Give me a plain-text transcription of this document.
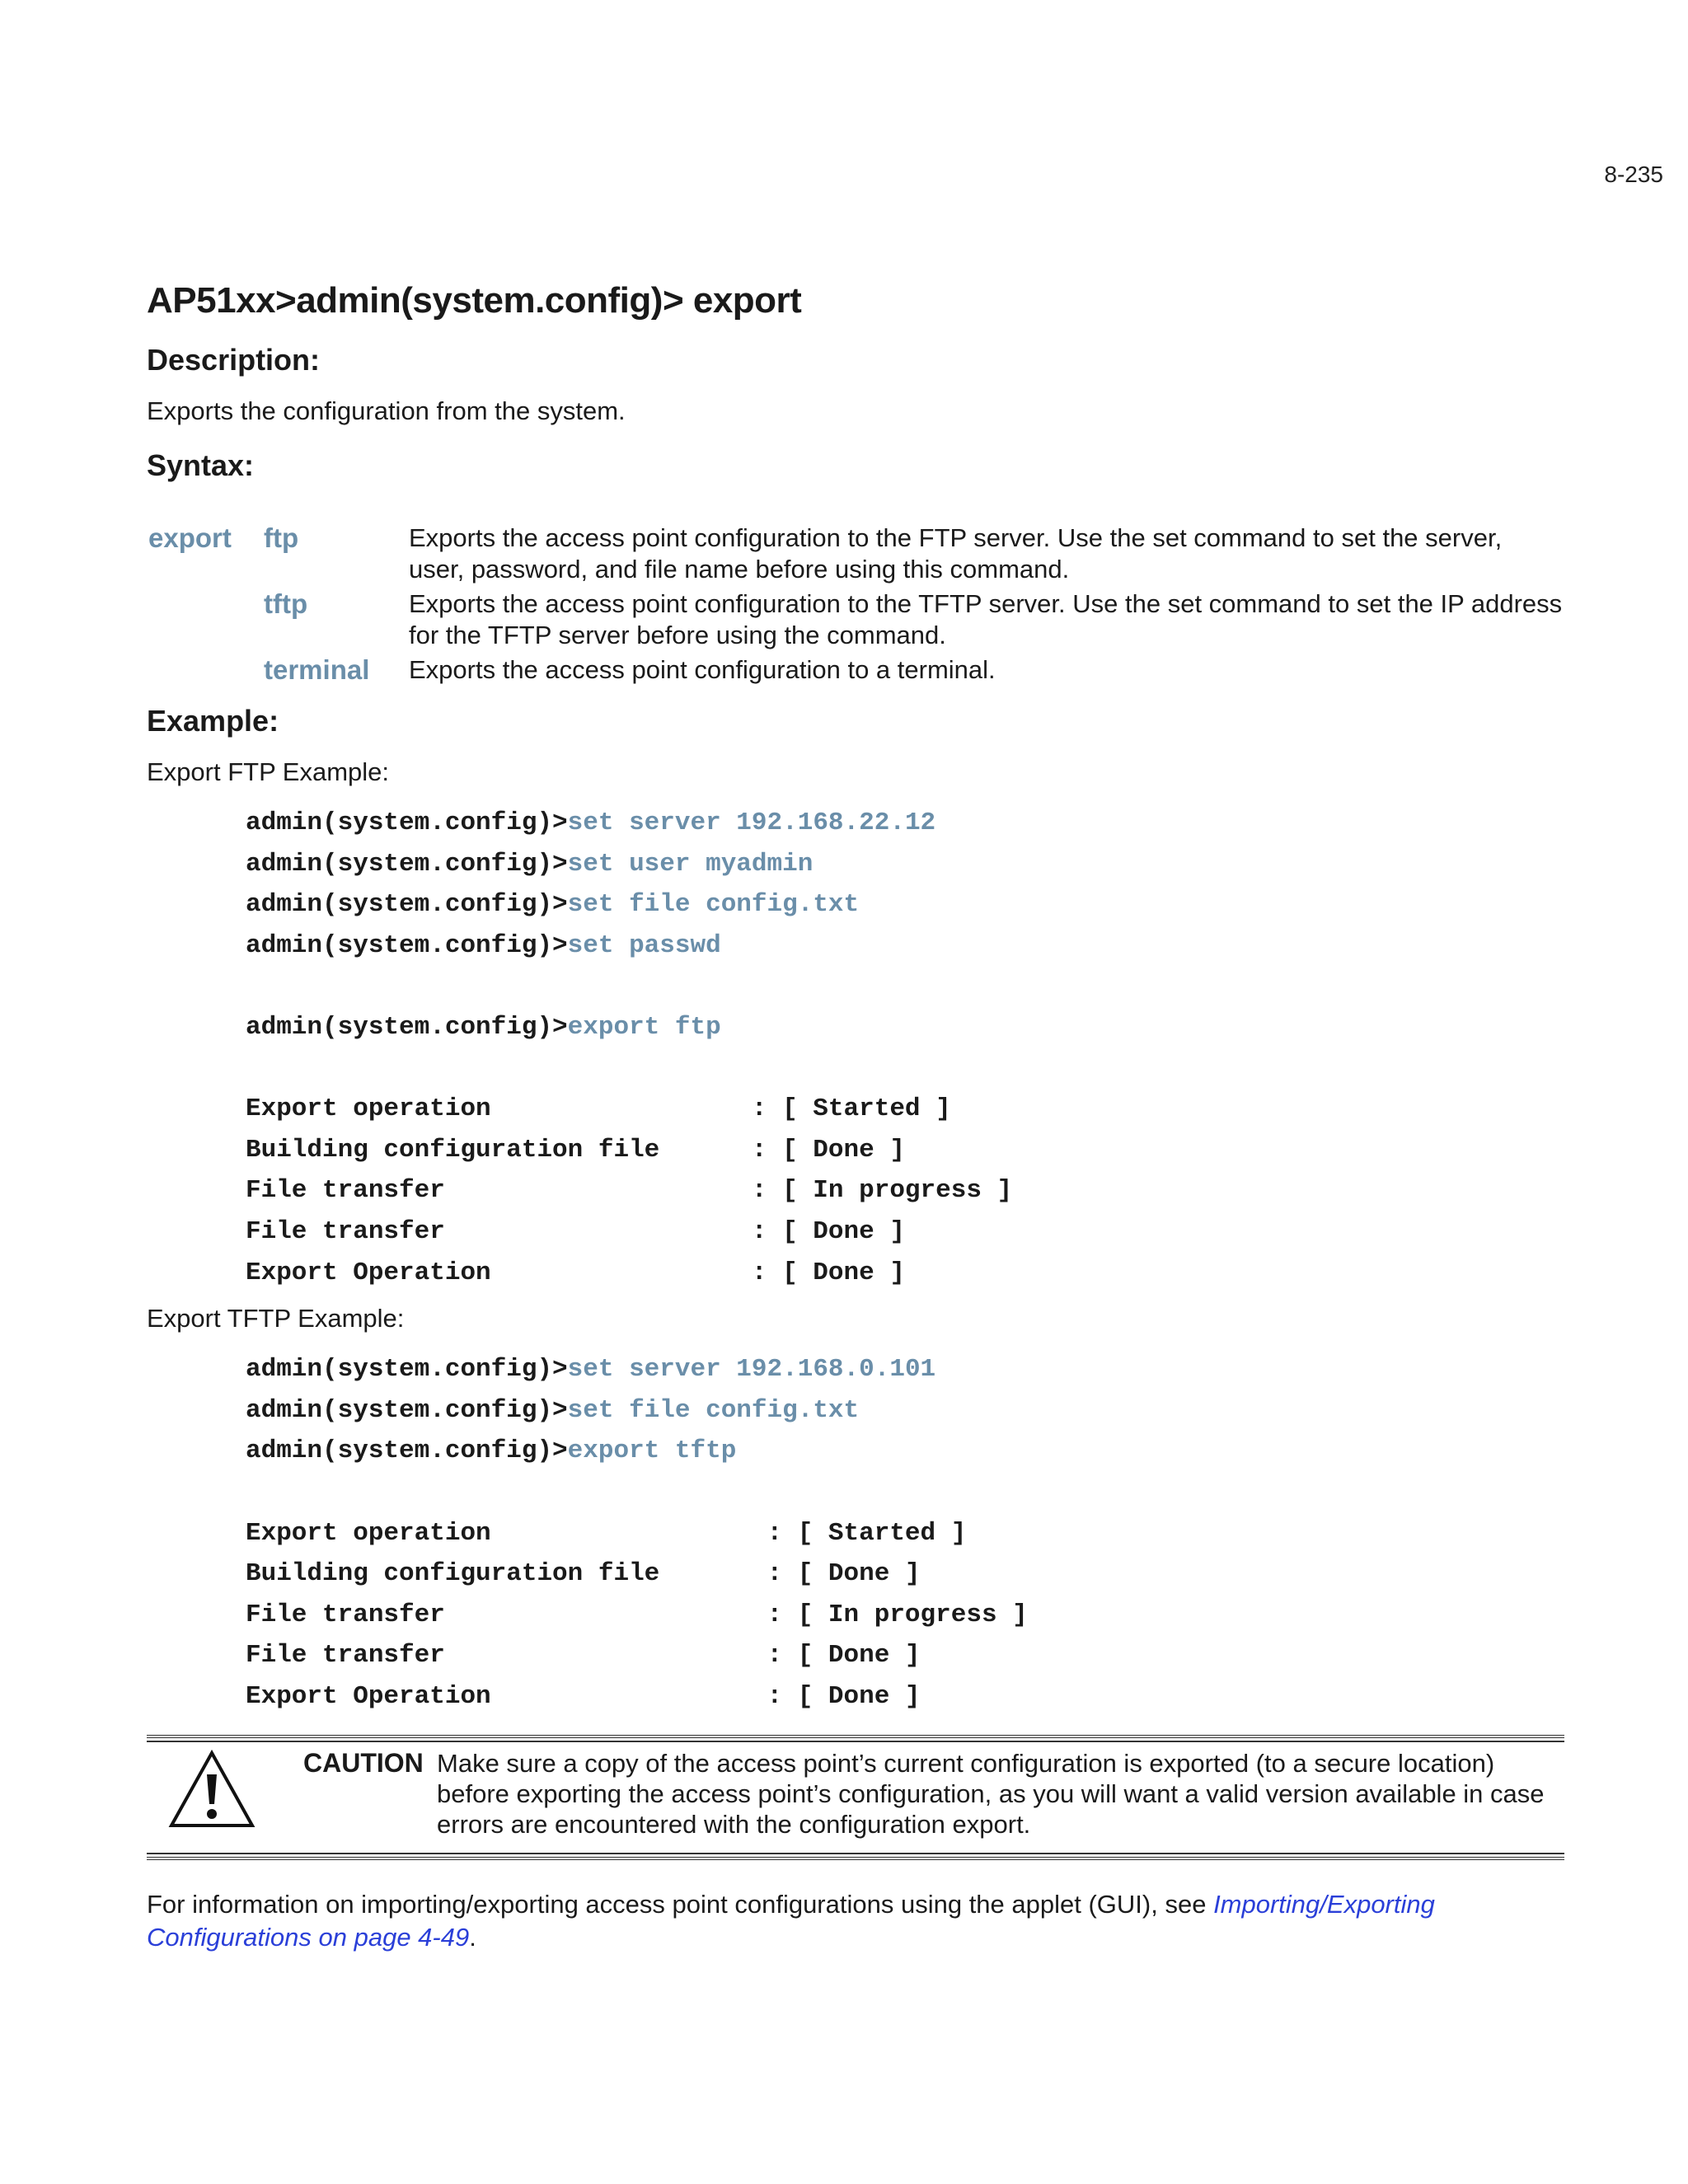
8-235
AP51xx>admin(system.config)> export
Description:

Exports the configuration from the system.

Syntax:
export	ftp	Exports the access point configuration to the FTP server. Use the set command to set the server, user, password, and file name before using this command.
	tftp	Exports the access point configuration to the TFTP server. Use the set command to set the IP address for the TFTP server before using the command.
	terminal	Exports the access point configuration to a terminal.
Example:

Export FTP Example:

admin(system.config)>set server 192.168.22.12
admin(system.config)>set user myadmin
admin(system.config)>set file config.txt
admin(system.config)>set passwd
admin(system.config)>export ftp
Export operation                 : [ Started ]
Building configuration file      : [ Done ]
File transfer                    : [ In progress ]
File transfer                    : [ Done ]
Export Operation                 : [ Done ]

Export TFTP Example:

admin(system.config)>set server 192.168.0.101
admin(system.config)>set file config.txt
admin(system.config)>export tftp
Export operation                  : [ Started ]
Building configuration file       : [ Done ]
File transfer                     : [ In progress ]
File transfer                     : [ Done ]
Export Operation                  : [ Done ]
CAUTION Make sure a copy of the access point’s current configuration is exported (to a secure location) before exporting the access point’s configuration, as you will want a valid version available in case errors are encountered with the configuration export.

For information on importing/exporting access point configurations using the applet (GUI), see Importing/Exporting Configurations on page 4-49.
